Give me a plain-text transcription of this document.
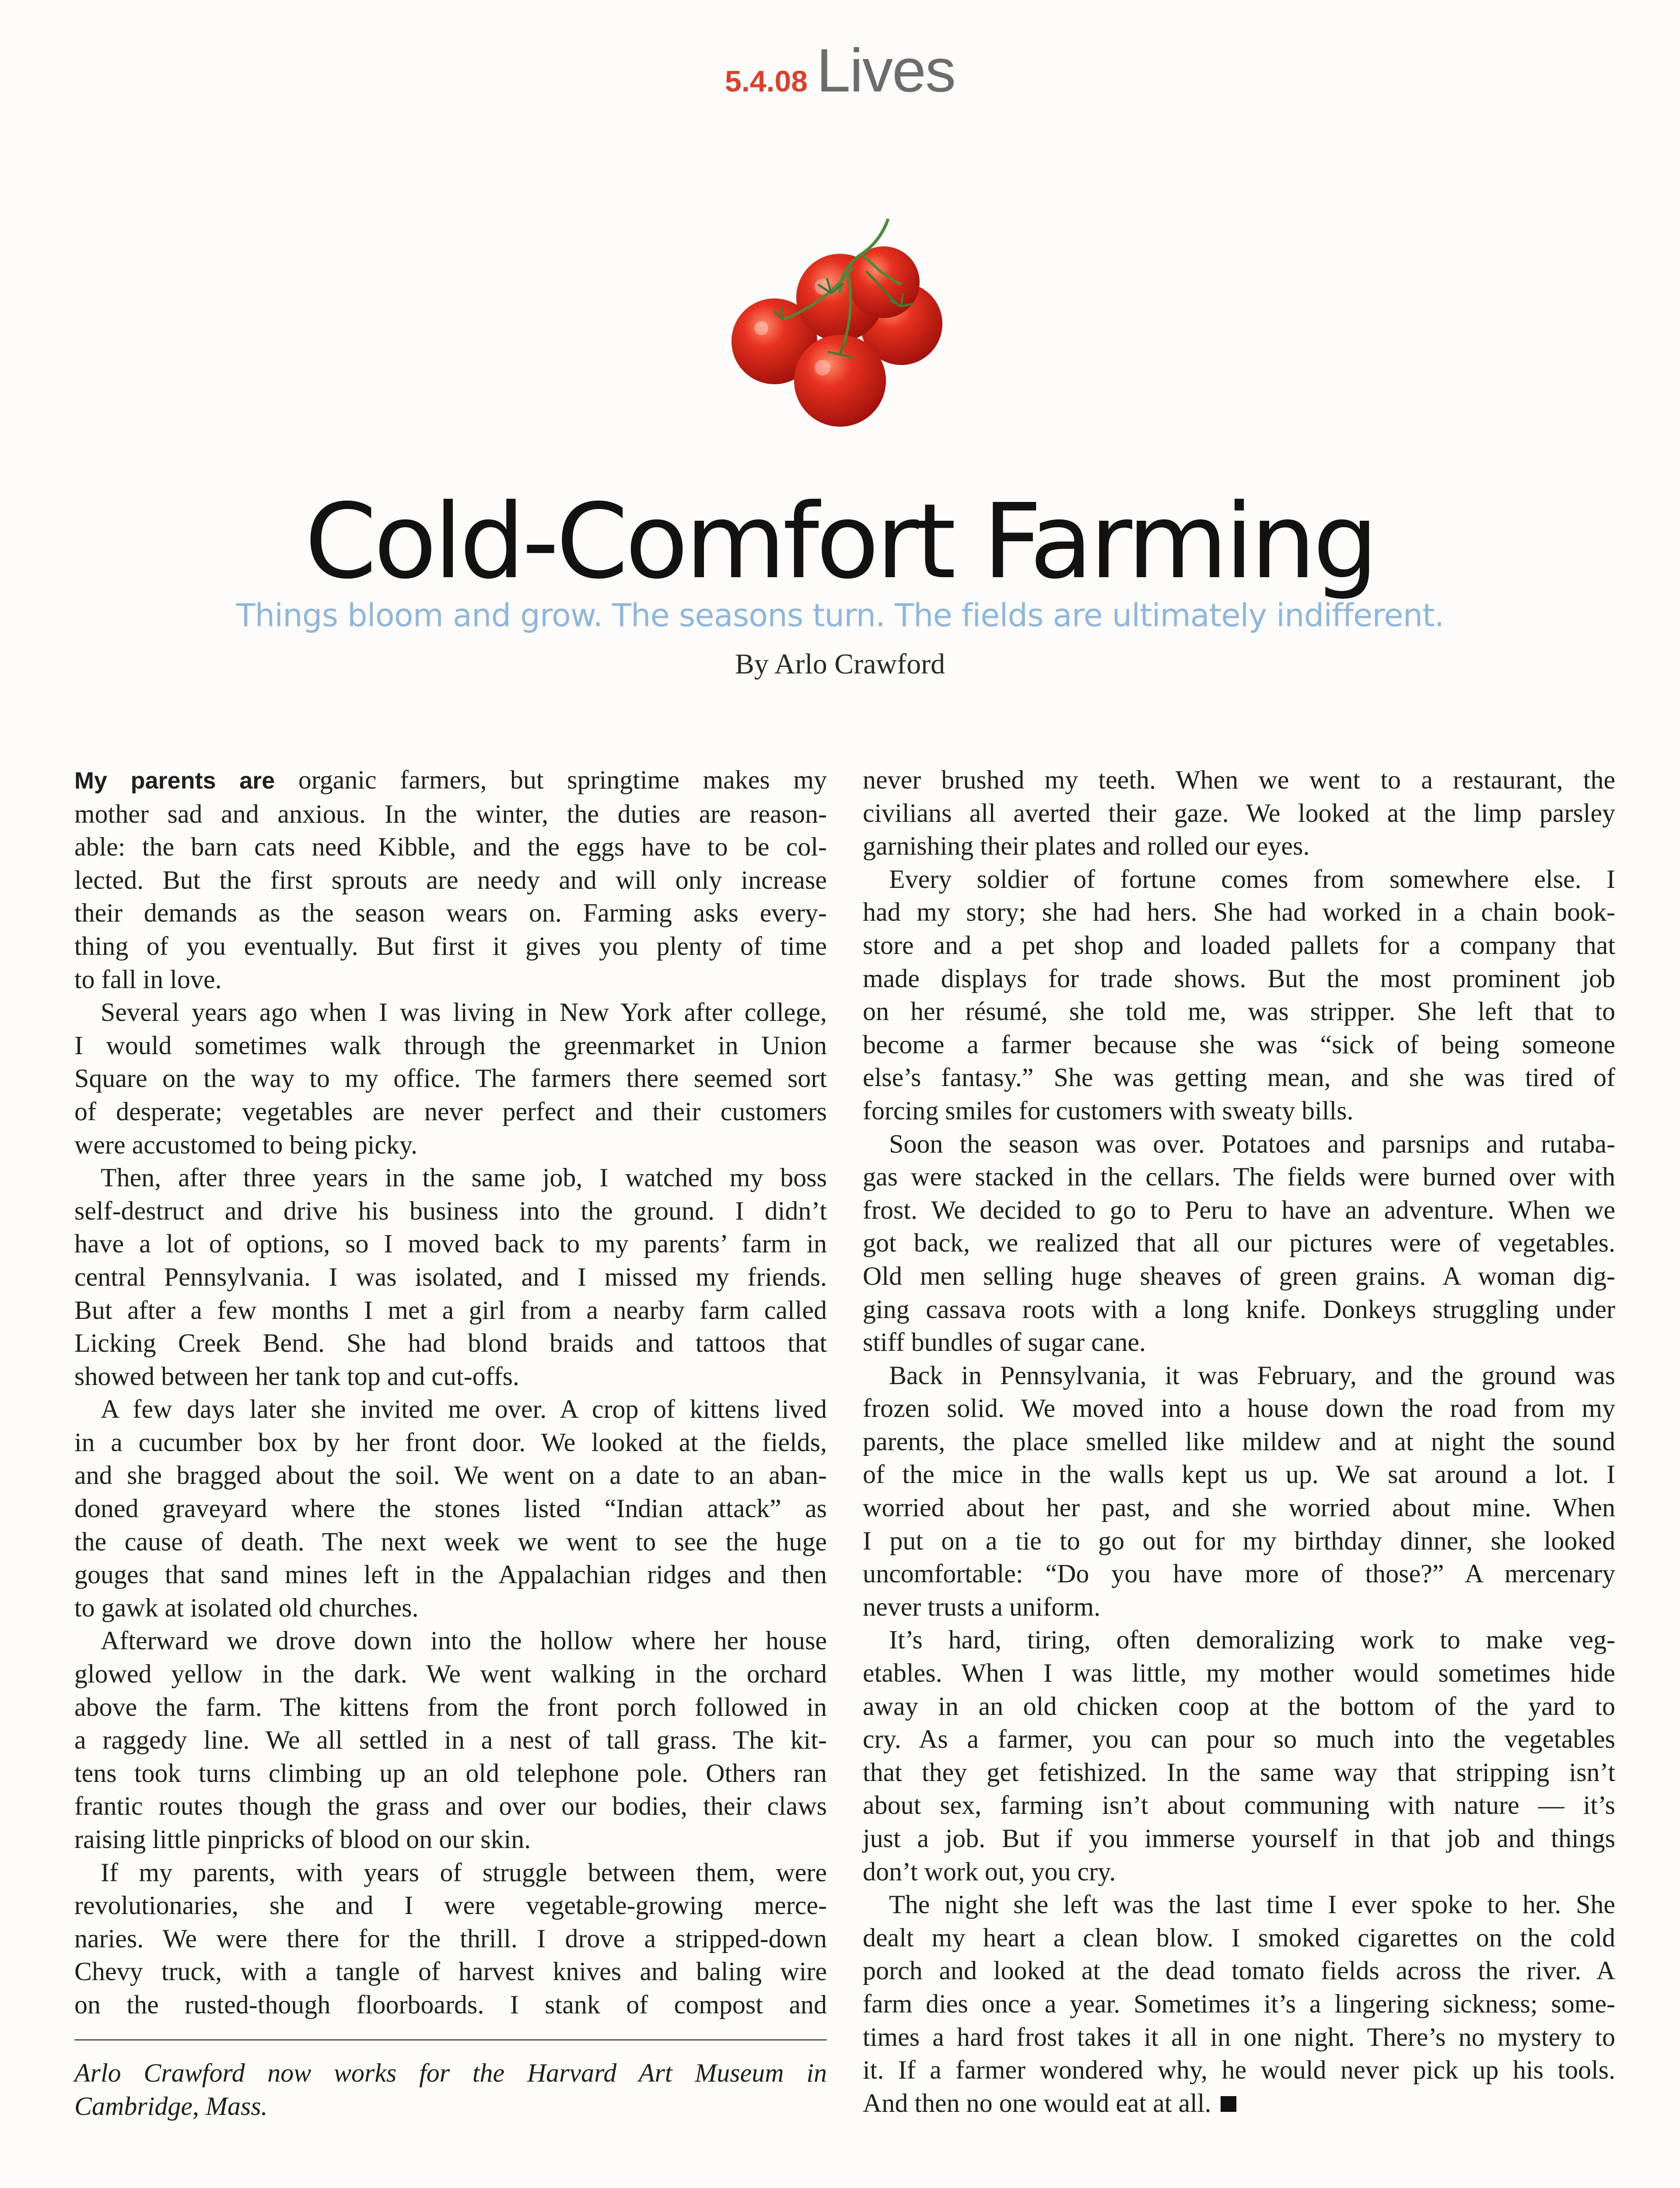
5.4.08 Lives
Cold-Comfort Farming
Things bloom and grow. The seasons turn. The fields are ultimately indifferent.
By Arlo Crawford
My parents are organic farmers, but springtime makes my
mother sad and anxious. In the winter, the duties are reason-
able: the barn cats need Kibble, and the eggs have to be col-
lected. But the first sprouts are needy and will only increase
their demands as the season wears on. Farming asks every-
thing of you eventually. But first it gives you plenty of time
to fall in love.
Several years ago when I was living in New York after college,
I would sometimes walk through the greenmarket in Union
Square on the way to my office. The farmers there seemed sort
of desperate; vegetables are never perfect and their customers
were accustomed to being picky.
Then, after three years in the same job, I watched my boss
self-destruct and drive his business into the ground. I didn’t
have a lot of options, so I moved back to my parents’ farm in
central Pennsylvania. I was isolated, and I missed my friends.
But after a few months I met a girl from a nearby farm called
Licking Creek Bend. She had blond braids and tattoos that
showed between her tank top and cut-offs.
A few days later she invited me over. A crop of kittens lived
in a cucumber box by her front door. We looked at the fields,
and she bragged about the soil. We went on a date to an aban-
doned graveyard where the stones listed “Indian attack” as
the cause of death. The next week we went to see the huge
gouges that sand mines left in the Appalachian ridges and then
to gawk at isolated old churches.
Afterward we drove down into the hollow where her house
glowed yellow in the dark. We went walking in the orchard
above the farm. The kittens from the front porch followed in
a raggedy line. We all settled in a nest of tall grass. The kit-
tens took turns climbing up an old telephone pole. Others ran
frantic routes though the grass and over our bodies, their claws
raising little pinpricks of blood on our skin.
If my parents, with years of struggle between them, were
revolutionaries, she and I were vegetable-growing merce-
naries. We were there for the thrill. I drove a stripped-down
Chevy truck, with a tangle of harvest knives and baling wire
on the rusted-though floorboards. I stank of compost and
Arlo Crawford now works for the Harvard Art Museum in
Cambridge, Mass.
never brushed my teeth. When we went to a restaurant, the
civilians all averted their gaze. We looked at the limp parsley
garnishing their plates and rolled our eyes.
Every soldier of fortune comes from somewhere else. I
had my story; she had hers. She had worked in a chain book-
store and a pet shop and loaded pallets for a company that
made displays for trade shows. But the most prominent job
on her résumé, she told me, was stripper. She left that to
become a farmer because she was “sick of being someone
else’s fantasy.” She was getting mean, and she was tired of
forcing smiles for customers with sweaty bills.
Soon the season was over. Potatoes and parsnips and rutaba-
gas were stacked in the cellars. The fields were burned over with
frost. We decided to go to Peru to have an adventure. When we
got back, we realized that all our pictures were of vegetables.
Old men selling huge sheaves of green grains. A woman dig-
ging cassava roots with a long knife. Donkeys struggling under
stiff bundles of sugar cane.
Back in Pennsylvania, it was February, and the ground was
frozen solid. We moved into a house down the road from my
parents, the place smelled like mildew and at night the sound
of the mice in the walls kept us up. We sat around a lot. I
worried about her past, and she worried about mine. When
I put on a tie to go out for my birthday dinner, she looked
uncomfortable: “Do you have more of those?” A mercenary
never trusts a uniform.
It’s hard, tiring, often demoralizing work to make veg-
etables. When I was little, my mother would sometimes hide
away in an old chicken coop at the bottom of the yard to
cry. As a farmer, you can pour so much into the vegetables
that they get fetishized. In the same way that stripping isn’t
about sex, farming isn’t about communing with nature — it’s
just a job. But if you immerse yourself in that job and things
don’t work out, you cry.
The night she left was the last time I ever spoke to her. She
dealt my heart a clean blow. I smoked cigarettes on the cold
porch and looked at the dead tomato fields across the river. A
farm dies once a year. Sometimes it’s a lingering sickness; some-
times a hard frost takes it all in one night. There’s no mystery to
it. If a farmer wondered why, he would never pick up his tools.
And then no one would eat at all.
